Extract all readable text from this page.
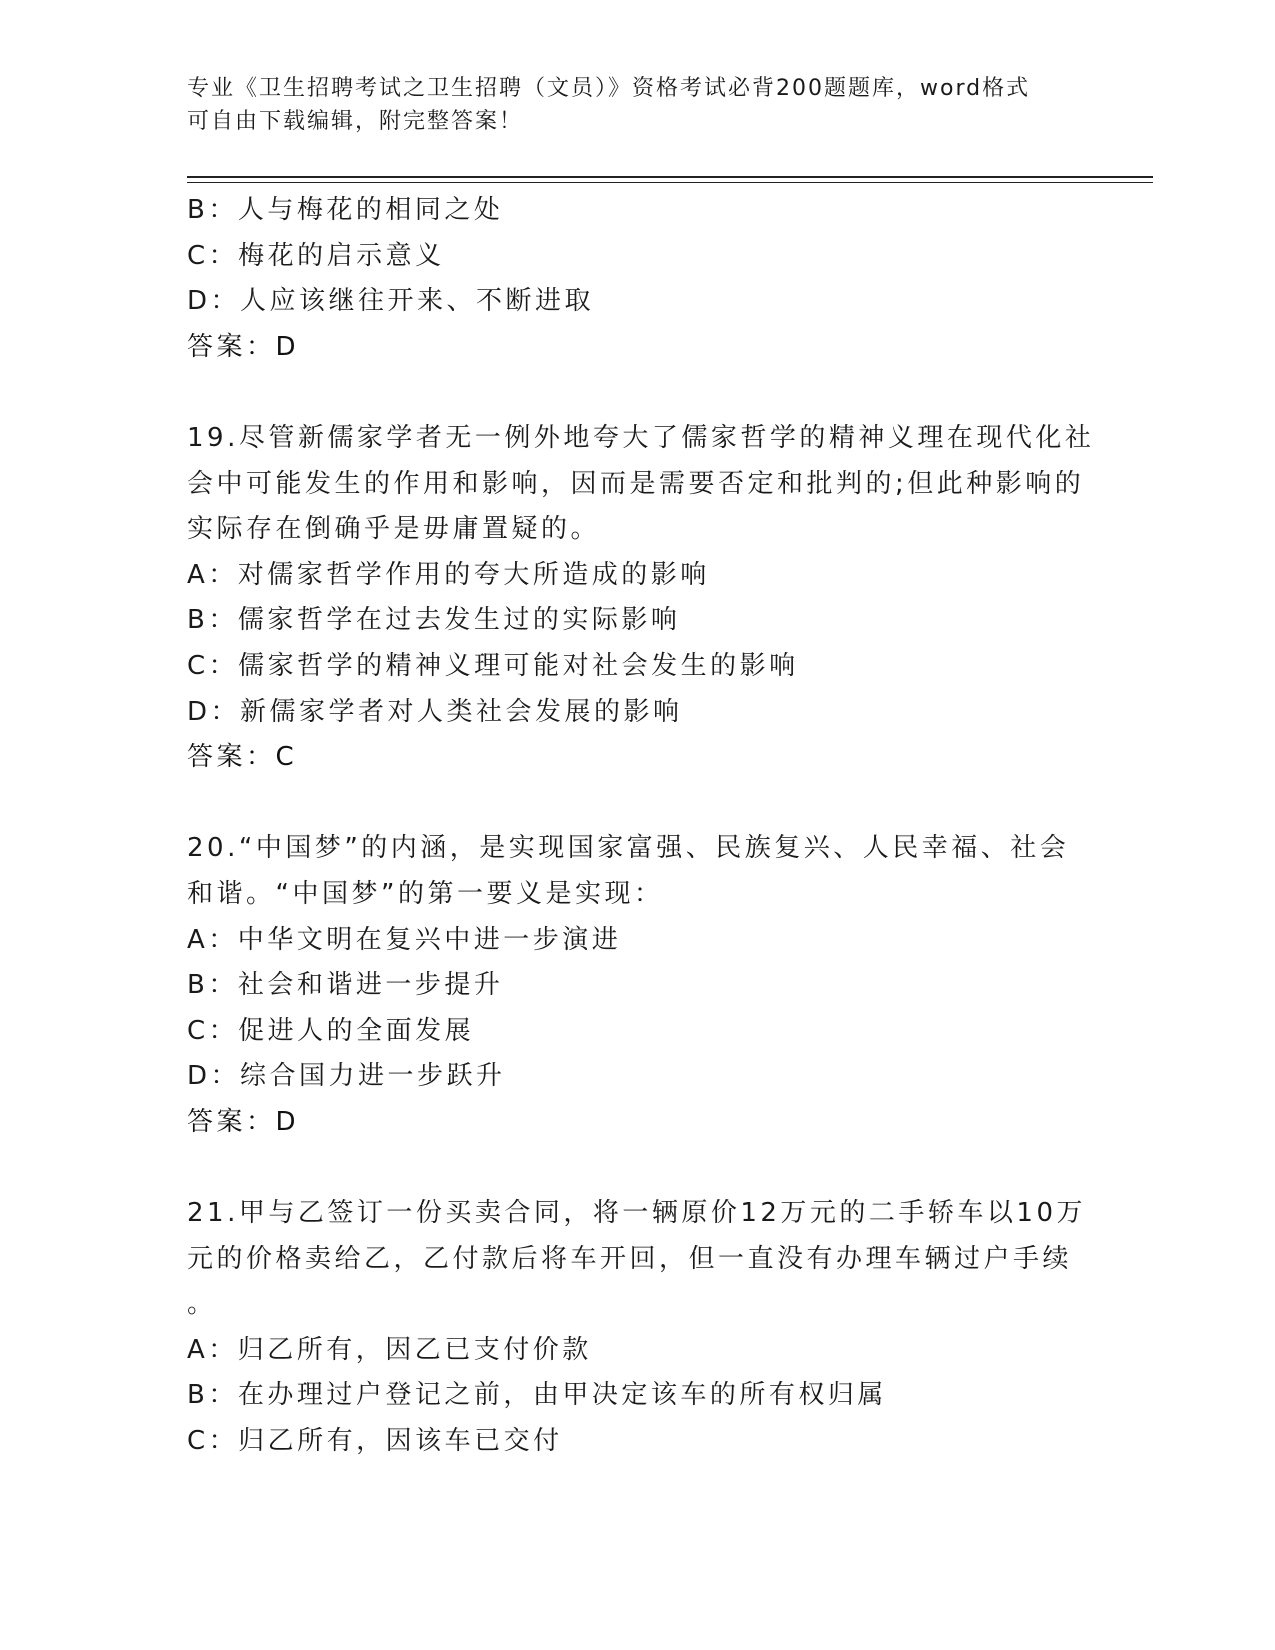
专业《卫生招聘考试之卫生招聘（文员）》资格考试必背200题题库，word格式
可自由下载编辑，附完整答案！
B：人与梅花的相同之处
C：梅花的启示意义
D：人应该继往开来、不断进取
答案：D
19.尽管新儒家学者无一例外地夸大了儒家哲学的精神义理在现代化社
会中可能发生的作用和影响，因而是需要否定和批判的;但此种影响的
实际存在倒确乎是毋庸置疑的。
A：对儒家哲学作用的夸大所造成的影响
B：儒家哲学在过去发生过的实际影响
C：儒家哲学的精神义理可能对社会发生的影响
D：新儒家学者对人类社会发展的影响
答案：C
20.“中国梦”的内涵，是实现国家富强、民族复兴、人民幸福、社会
和谐。“中国梦”的第一要义是实现：
A：中华文明在复兴中进一步演进
B：社会和谐进一步提升
C：促进人的全面发展
D：综合国力进一步跃升
答案：D
21.甲与乙签订一份买卖合同，将一辆原价12万元的二手轿车以10万
元的价格卖给乙，乙付款后将车开回，但一直没有办理车辆过户手续
。
A：归乙所有，因乙已支付价款
B：在办理过户登记之前，由甲决定该车的所有权归属
C：归乙所有，因该车已交付
